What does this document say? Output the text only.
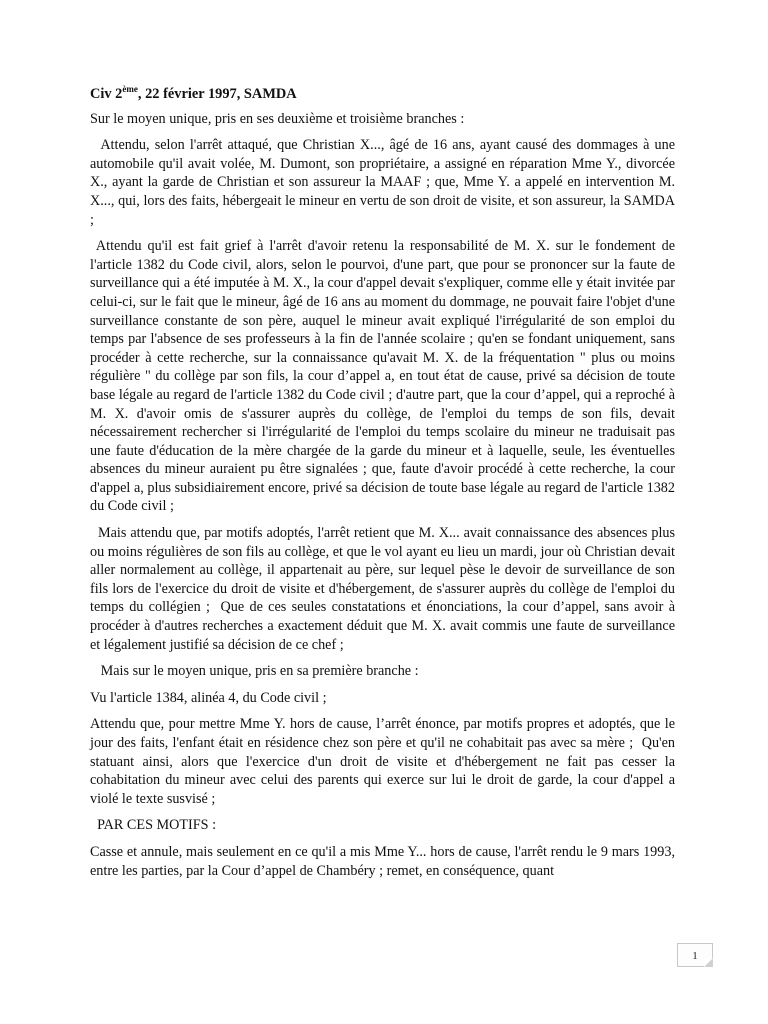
Civ 2ème, 22 février 1997, SAMDA

Sur le moyen unique, pris en ses deuxième et troisième branches :

Attendu, selon l'arrêt attaqué, que Christian X..., âgé de 16 ans, ayant causé des dommages à une automobile qu'il avait volée, M. Dumont, son propriétaire, a assigné en réparation Mme Y., divorcée X., ayant la garde de Christian et son assureur la MAAF ; que, Mme Y. a appelé en intervention M. X..., qui, lors des faits, hébergeait le mineur en vertu de son droit de visite, et son assureur, la SAMDA ;

Attendu qu'il est fait grief à l'arrêt d'avoir retenu la responsabilité de M. X. sur le fondement de l'article 1382 du Code civil, alors, selon le pourvoi, d'une part, que pour se prononcer sur la faute de surveillance qui a été imputée à M. X., la cour d'appel devait s'expliquer, comme elle y était invitée par celui-ci, sur le fait que le mineur, âgé de 16 ans au moment du dommage, ne pouvait faire l'objet d'une surveillance constante de son père, auquel le mineur avait expliqué l'irrégularité de son emploi du temps par l'absence de ses professeurs à la fin de l'année scolaire ; qu'en se fondant uniquement, sans procéder à cette recherche, sur la connaissance qu'avait M. X. de la fréquentation " plus ou moins régulière " du collège par son fils, la cour d’appel a, en tout état de cause, privé sa décision de toute base légale au regard de l'article 1382 du Code civil ; d'autre part, que la cour d’appel, qui a reproché à M. X. d'avoir omis de s'assurer auprès du collège, de l'emploi du temps de son fils, devait nécessairement rechercher si l'irrégularité de l'emploi du temps scolaire du mineur ne traduisait pas une faute d'éducation de la mère chargée de la garde du mineur et à laquelle, seule, les éventuelles absences du mineur auraient pu être signalées ; que, faute d'avoir procédé à cette recherche, la cour d'appel a, plus subsidiairement encore, privé sa décision de toute base légale au regard de l'article 1382 du Code civil ;

Mais attendu que, par motifs adoptés, l'arrêt retient que M. X... avait connaissance des absences plus ou moins régulières de son fils au collège, et que le vol ayant eu lieu un mardi, jour où Christian devait aller normalement au collège, il appartenait au père, sur lequel pèse le devoir de surveillance de son fils lors de l'exercice du droit de visite et d'hébergement, de s'assurer auprès du collège de l'emploi du temps du collégien ;  Que de ces seules constatations et énonciations, la cour d’appel, sans avoir à procéder à d'autres recherches a exactement déduit que M. X. avait commis une faute de surveillance et légalement justifié sa décision de ce chef ;

Mais sur le moyen unique, pris en sa première branche :

Vu l'article 1384, alinéa 4, du Code civil ;

Attendu que, pour mettre Mme Y. hors de cause, l’arrêt énonce, par motifs propres et adoptés, que le jour des faits, l'enfant était en résidence chez son père et qu'il ne cohabitait pas avec sa mère ;  Qu'en statuant ainsi, alors que l'exercice d'un droit de visite et d'hébergement ne fait pas cesser la cohabitation du mineur avec celui des parents qui exerce sur lui le droit de garde, la cour d'appel a violé le texte susvisé ;

PAR CES MOTIFS :

Casse et annule, mais seulement en ce qu'il a mis Mme Y... hors de cause, l'arrêt rendu le 9 mars 1993, entre les parties, par la Cour d’appel de Chambéry ; remet, en conséquence, quant

1
